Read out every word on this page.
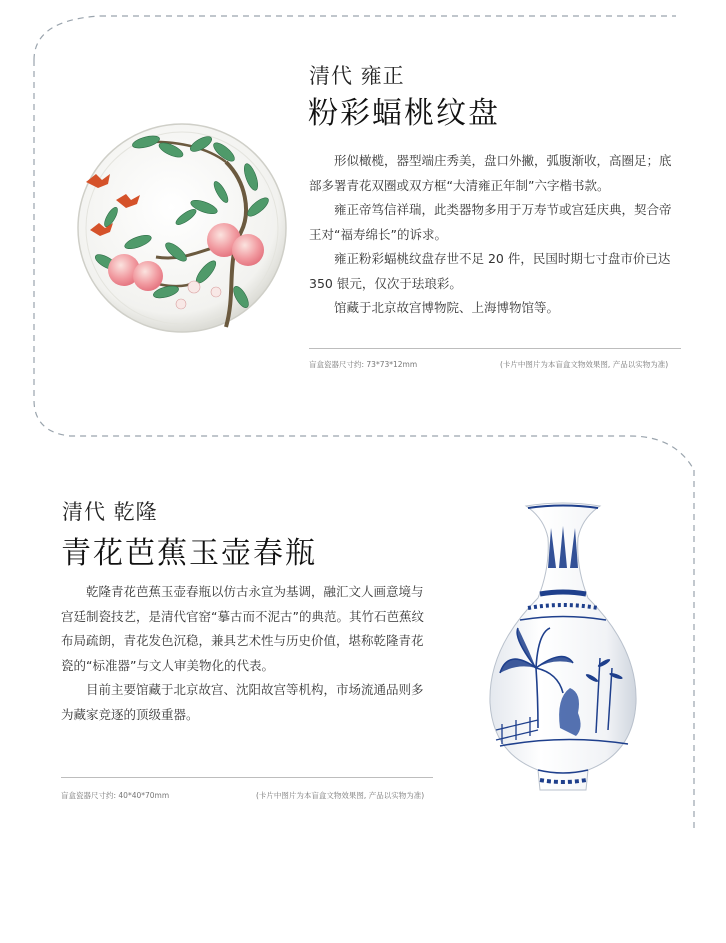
清代 雍正
粉彩蝠桃纹盘

形似橄榄，器型端庄秀美，盘口外撇，弧腹渐收，高圈足；底部多署青花双圈或双方框“大清雍正年制”六字楷书款。

雍正帝笃信祥瑞，此类器物多用于万寿节或宫廷庆典，契合帝王对“福寿绵长”的诉求。

雍正粉彩蝠桃纹盘存世不足 20 件，民国时期七寸盘市价已达 350 银元，仅次于珐琅彩。

馆藏于北京故宫博物院、上海博物馆等。

盲盒瓷器尺寸约: 73*73*12mm	(卡片中图片为本盲盒文物效果图, 产品以实物为准)
清代 乾隆
青花芭蕉玉壶春瓶

乾隆青花芭蕉玉壶春瓶以仿古永宣为基调，融汇文人画意境与宫廷制瓷技艺，是清代官窑“摹古而不泥古”的典范。其竹石芭蕉纹布局疏朗，青花发色沉稳，兼具艺术性与历史价值，堪称乾隆青花瓷的“标准器”与文人审美物化的代表。

目前主要馆藏于北京故宫、沈阳故宫等机构，市场流通品则多为藏家竞逐的顶级重器。

盲盒瓷器尺寸约: 40*40*70mm	(卡片中图片为本盲盒文物效果图, 产品以实物为准)
